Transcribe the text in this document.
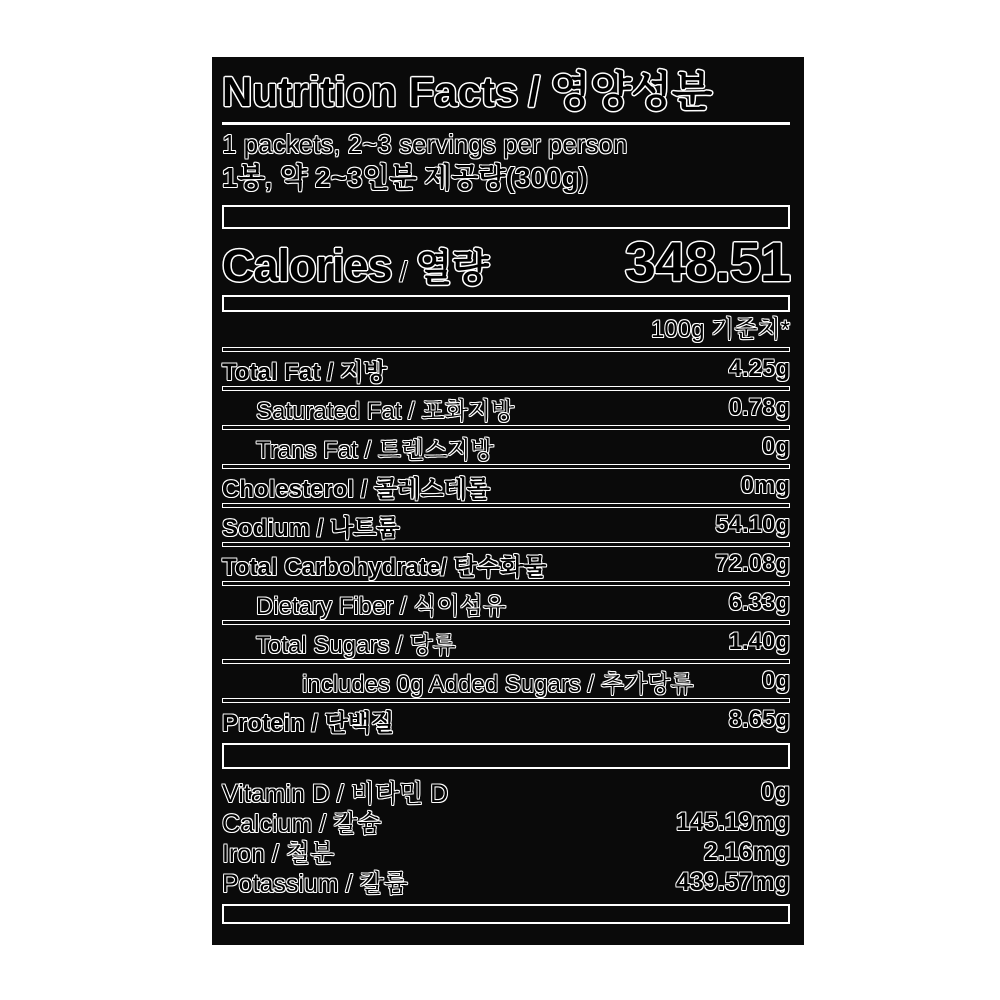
Nutrition Facts / 영양성분
1 packets, 2~3 servings per person
1봉, 약 2~3인분 제공량(300g)
Calories / 열량 348.51
100g 기준치*
Total Fat / 지방	4.25g
Saturated Fat / 포화지방	0.78g
Trans Fat / 트렌스지방	0g
Cholesterol / 콜레스테롤	0mg
Sodium / 나트륨	54.10g
Total Carbohydrate/ 탄수화물	72.08g
Dietary Fiber / 식이섬유	6.33g
Total Sugars / 당류	1.40g
includes 0g Added Sugars / 추가당류	0g
Protein / 단백질	8.65g
Vitamin D / 비타민 D	0g
Calcium / 칼슘	145.19mg
Iron / 철분	2.16mg
Potassium / 칼륨	439.57mg
